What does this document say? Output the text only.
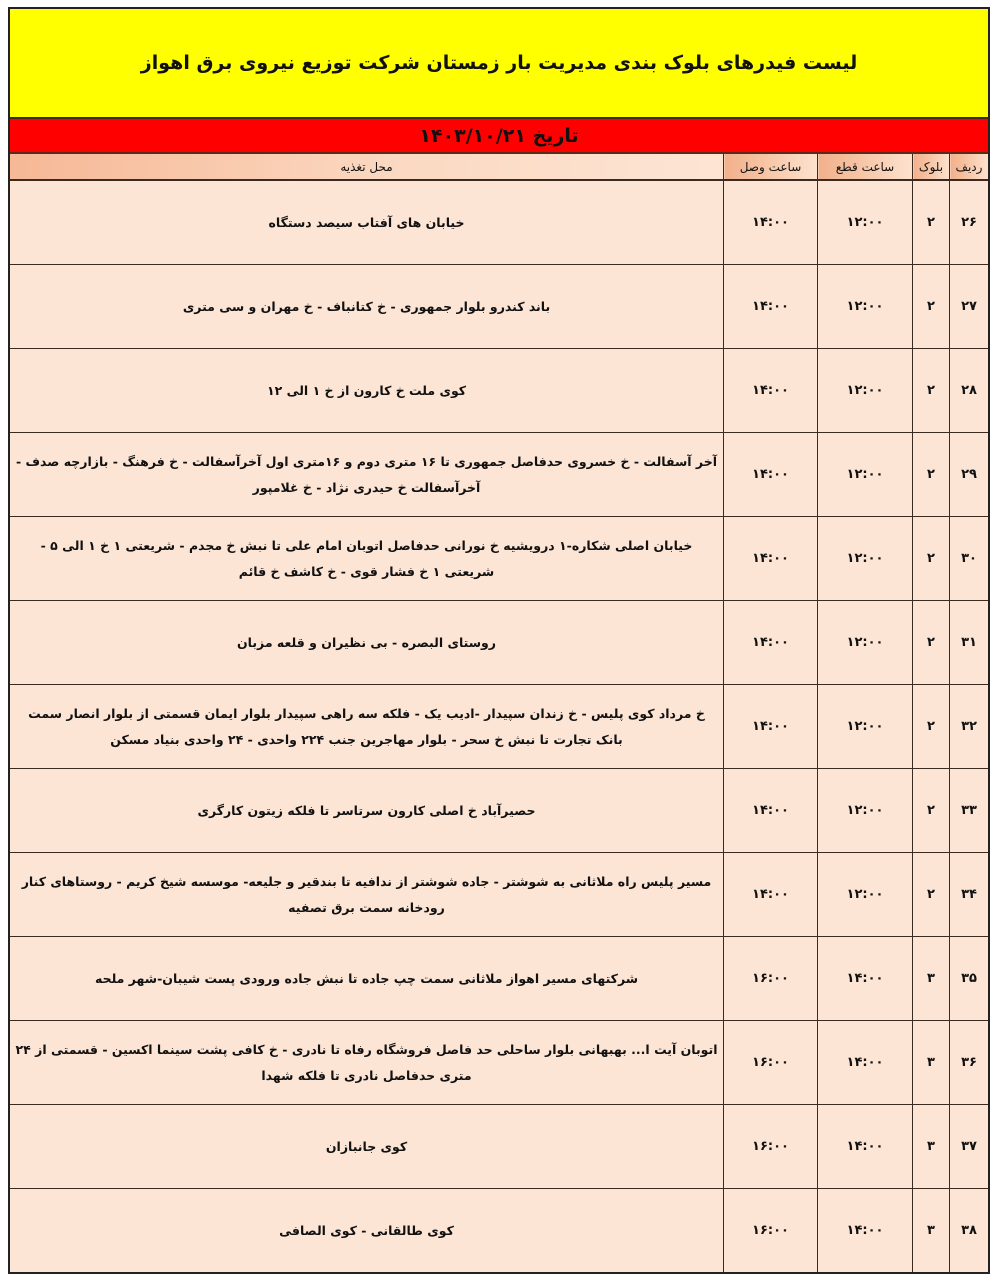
لیست فیدرهای بلوک بندی مدیریت بار زمستان شرکت توزیع نیروی برق اهواز
تاریخ ۱۴۰۳/۱۰/۲۱
ردیف	بلوک	ساعت قطع	ساعت وصل	محل تغذیه
۲۶	۲	۱۲:۰۰	۱۴:۰۰	خیابان های آفتاب سیصد دستگاه
۲۷	۲	۱۲:۰۰	۱۴:۰۰	باند کندرو بلوار جمهوری - خ کتانباف - خ مهران و سی متری
۲۸	۲	۱۲:۰۰	۱۴:۰۰	کوی ملت خ کارون از خ ۱ الی ۱۲
۲۹	۲	۱۲:۰۰	۱۴:۰۰	آخر آسفالت - خ خسروی حدفاصل جمهوری تا ۱۶ متری دوم و ۱۶متری اول آخرآسفالت - خ فرهنگ - بازارچه صدف - آخرآسفالت خ حیدری نژاد - خ غلامپور
۳۰	۲	۱۲:۰۰	۱۴:۰۰	خیابان اصلی شکاره-۱ درویشیه خ نورانی حدفاصل اتوبان امام علی تا نبش خ مجدم - شریعتی ۱ خ ۱ الی ۵ - شریعتی ۱ خ فشار قوی - خ کاشف خ قائم
۳۱	۲	۱۲:۰۰	۱۴:۰۰	روستای البصره - بی نظیران و قلعه مزبان
۳۲	۲	۱۲:۰۰	۱۴:۰۰	خ مرداد کوی پلیس - خ زندان سپیدار -ادیب یک - فلکه سه راهی سپیدار بلوار ایمان قسمتی از بلوار انصار سمت بانک تجارت تا نبش خ سحر - بلوار مهاجرین جنب ۲۲۴ واحدی - ۲۴ واحدی بنیاد مسکن
۳۳	۲	۱۲:۰۰	۱۴:۰۰	حصیرآباد خ اصلی کارون سرتاسر تا فلکه زیتون کارگری
۳۴	۲	۱۲:۰۰	۱۴:۰۰	مسیر پلیس راه ملاثانی به شوشتر - جاده شوشتر از ندافیه تا بندقیر و جلیعه- موسسه شیخ کریم - روستاهای کنار رودخانه سمت برق تصفیه
۳۵	۳	۱۴:۰۰	۱۶:۰۰	شرکتهای مسیر اهواز ملاثانی سمت چپ جاده تا نبش جاده ورودی پست شیبان-شهر ملحه
۳۶	۳	۱۴:۰۰	۱۶:۰۰	اتوبان آیت ا... بهبهانی بلوار ساحلی حد فاصل فروشگاه رفاه تا نادری - خ کافی پشت سینما اکسین - قسمتی از ۲۴ متری حدفاصل نادری تا فلکه شهدا
۳۷	۳	۱۴:۰۰	۱۶:۰۰	کوی جانبازان
۳۸	۳	۱۴:۰۰	۱۶:۰۰	کوی طالقانی - کوی الصافی
